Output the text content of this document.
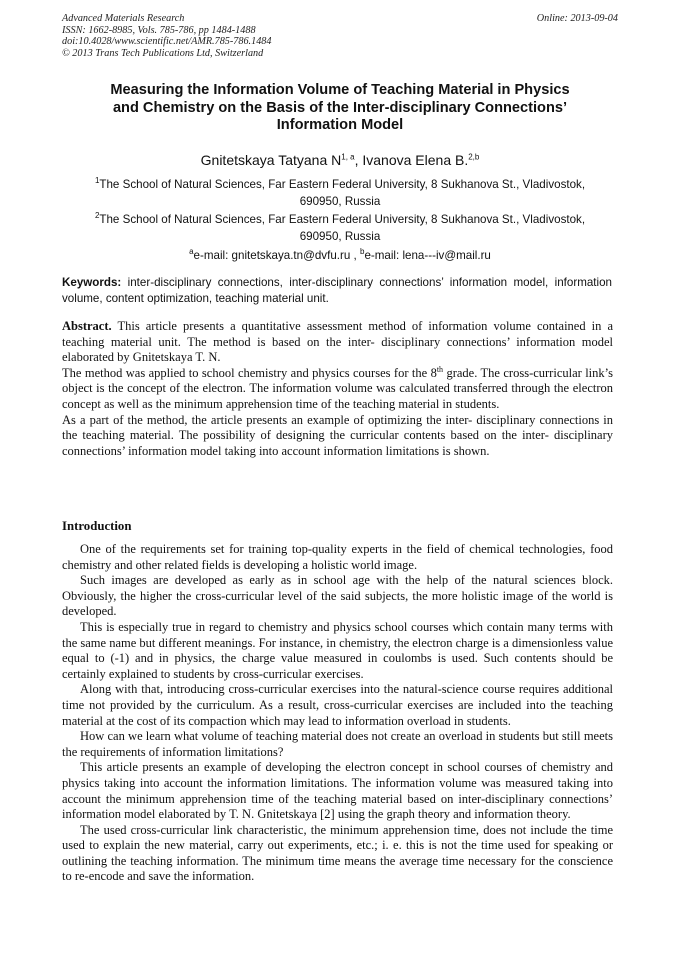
Advanced Materials Research
ISSN: 1662-8985, Vols. 785-786, pp 1484-1488
doi:10.4028/www.scientific.net/AMR.785-786.1484
© 2013 Trans Tech Publications Ltd, Switzerland
Online: 2013-09-04
Measuring the Information Volume of Teaching Material in Physics
and Chemistry on the Basis of the Inter-disciplinary Connections’
Information Model
Gnitetskaya Tatyana N$^{1, a}$, Ivanova Elena B.$^{2,b}$
$^1$The School of Natural Sciences, Far Eastern Federal University, 8 Sukhanova St., Vladivostok,
690950, Russia
$^2$The School of Natural Sciences, Far Eastern Federal University, 8 Sukhanova St., Vladivostok,
690950, Russia
$^a$e-mail: gnitetskaya.tn@dvfu.ru , $^b$e-mail: lena---iv@mail.ru
Keywords: inter-disciplinary connections, inter-disciplinary connections’ information model, information volume, content optimization, teaching material unit.

Abstract. This article presents a quantitative assessment method of information volume contained in a teaching material unit. The method is based on the inter- disciplinary connections’ information model elaborated by Gnitetskaya T. N.

The method was applied to school chemistry and physics courses for the 8th grade. The cross-curricular link’s object is the concept of the electron. The information volume was calculated transferred through the electron concept as well as the minimum apprehension time of the teaching material in students.

As a part of the method, the article presents an example of optimizing the inter- disciplinary connections in the teaching material. The possibility of designing the curricular contents based on the inter- disciplinary connections’ information model taking into account information limitations is shown.

Introduction

One of the requirements set for training top-quality experts in the field of chemical technologies, food chemistry and other related fields is developing a holistic world image.

Such images are developed as early as in school age with the help of the natural sciences block. Obviously, the higher the cross-curricular level of the said subjects, the more holistic image of the world is developed.

This is especially true in regard to chemistry and physics school courses which contain many terms with the same name but different meanings. For instance, in chemistry, the electron charge is a dimensionless value equal to (-1) and in physics, the charge value measured in coulombs is used. Such contents should be certainly explained to students by cross-curricular exercises.

Along with that, introducing cross-curricular exercises into the natural-science course requires additional time not provided by the curriculum. As a result, cross-curricular exercises are included into the teaching material at the cost of its compaction which may lead to information overload in students.

How can we learn what volume of teaching material does not create an overload in students but still meets the requirements of information limitations?

This article presents an example of developing the electron concept in school courses of chemistry and physics taking into account the information limitations. The information volume was measured taking into account the minimum apprehension time of the teaching material based on inter-disciplinary connections’ information model elaborated by T. N. Gnitetskaya [2] using the graph theory and information theory.

The used cross-curricular link characteristic, the minimum apprehension time, does not include the time used to explain the new material, carry out experiments, etc.; i. e. this is not the time used for speaking or outlining the teaching information. The minimum time means the average time necessary for the conscience to re-encode and save the information.
